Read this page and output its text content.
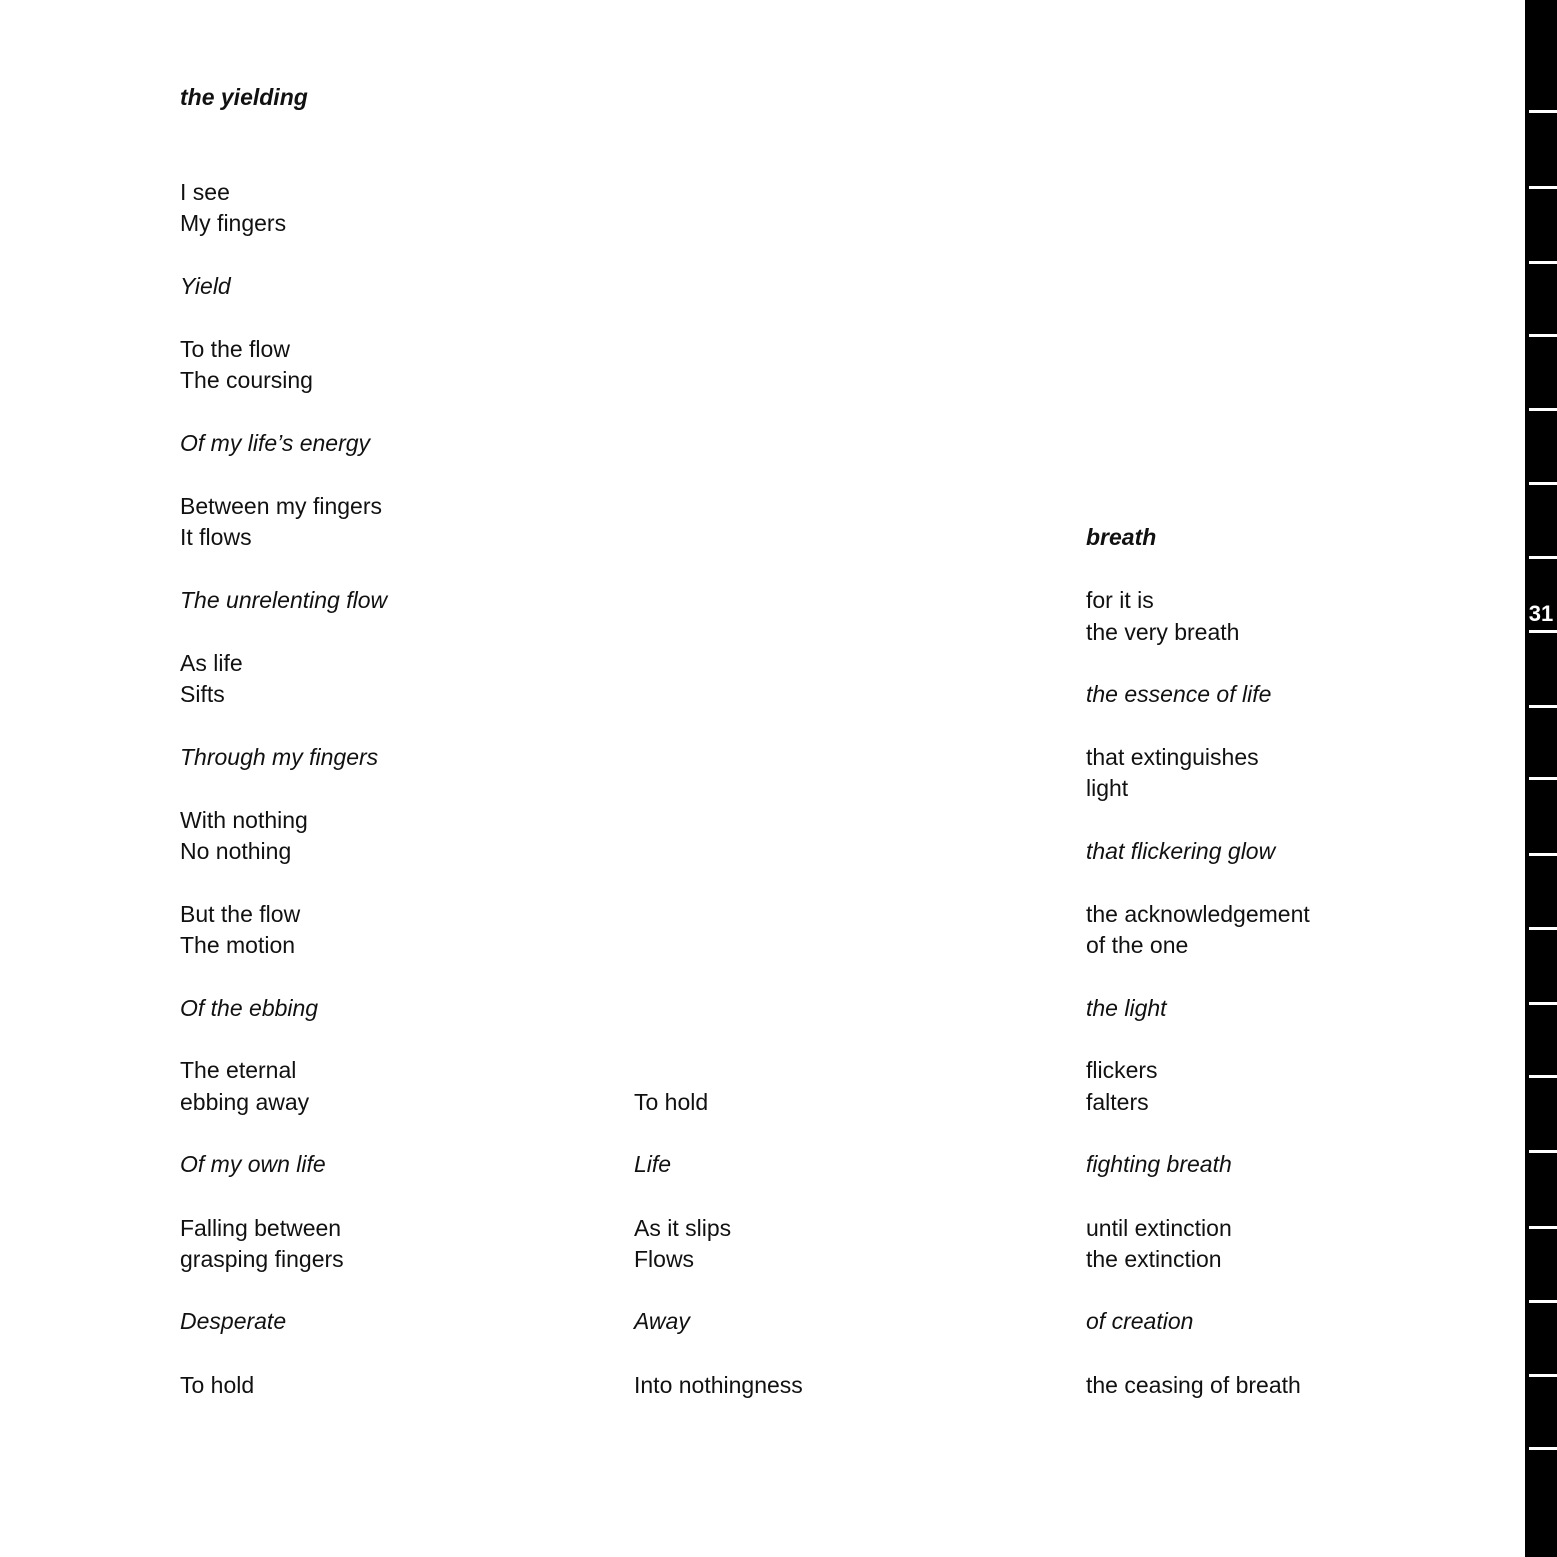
the yielding
I see
My fingers
Yield
To the flow
The coursing
Of my life’s energy
Between my fingers
It flows
The unrelenting flow
As life
Sifts
Through my fingers
With nothing
No nothing
But the flow
The motion
Of the ebbing
The eternal
ebbing away
Of my own life
Falling between
grasping fingers
Desperate
To hold
To hold
Life
As it slips
Flows
Away
Into nothingness
breath
for it is
the very breath
the essence of life
that extinguishes
light
that flickering glow
the acknowledgement
of the one
the light
flickers
falters
fighting breath
until extinction
the extinction
of creation
the ceasing of breath
31
